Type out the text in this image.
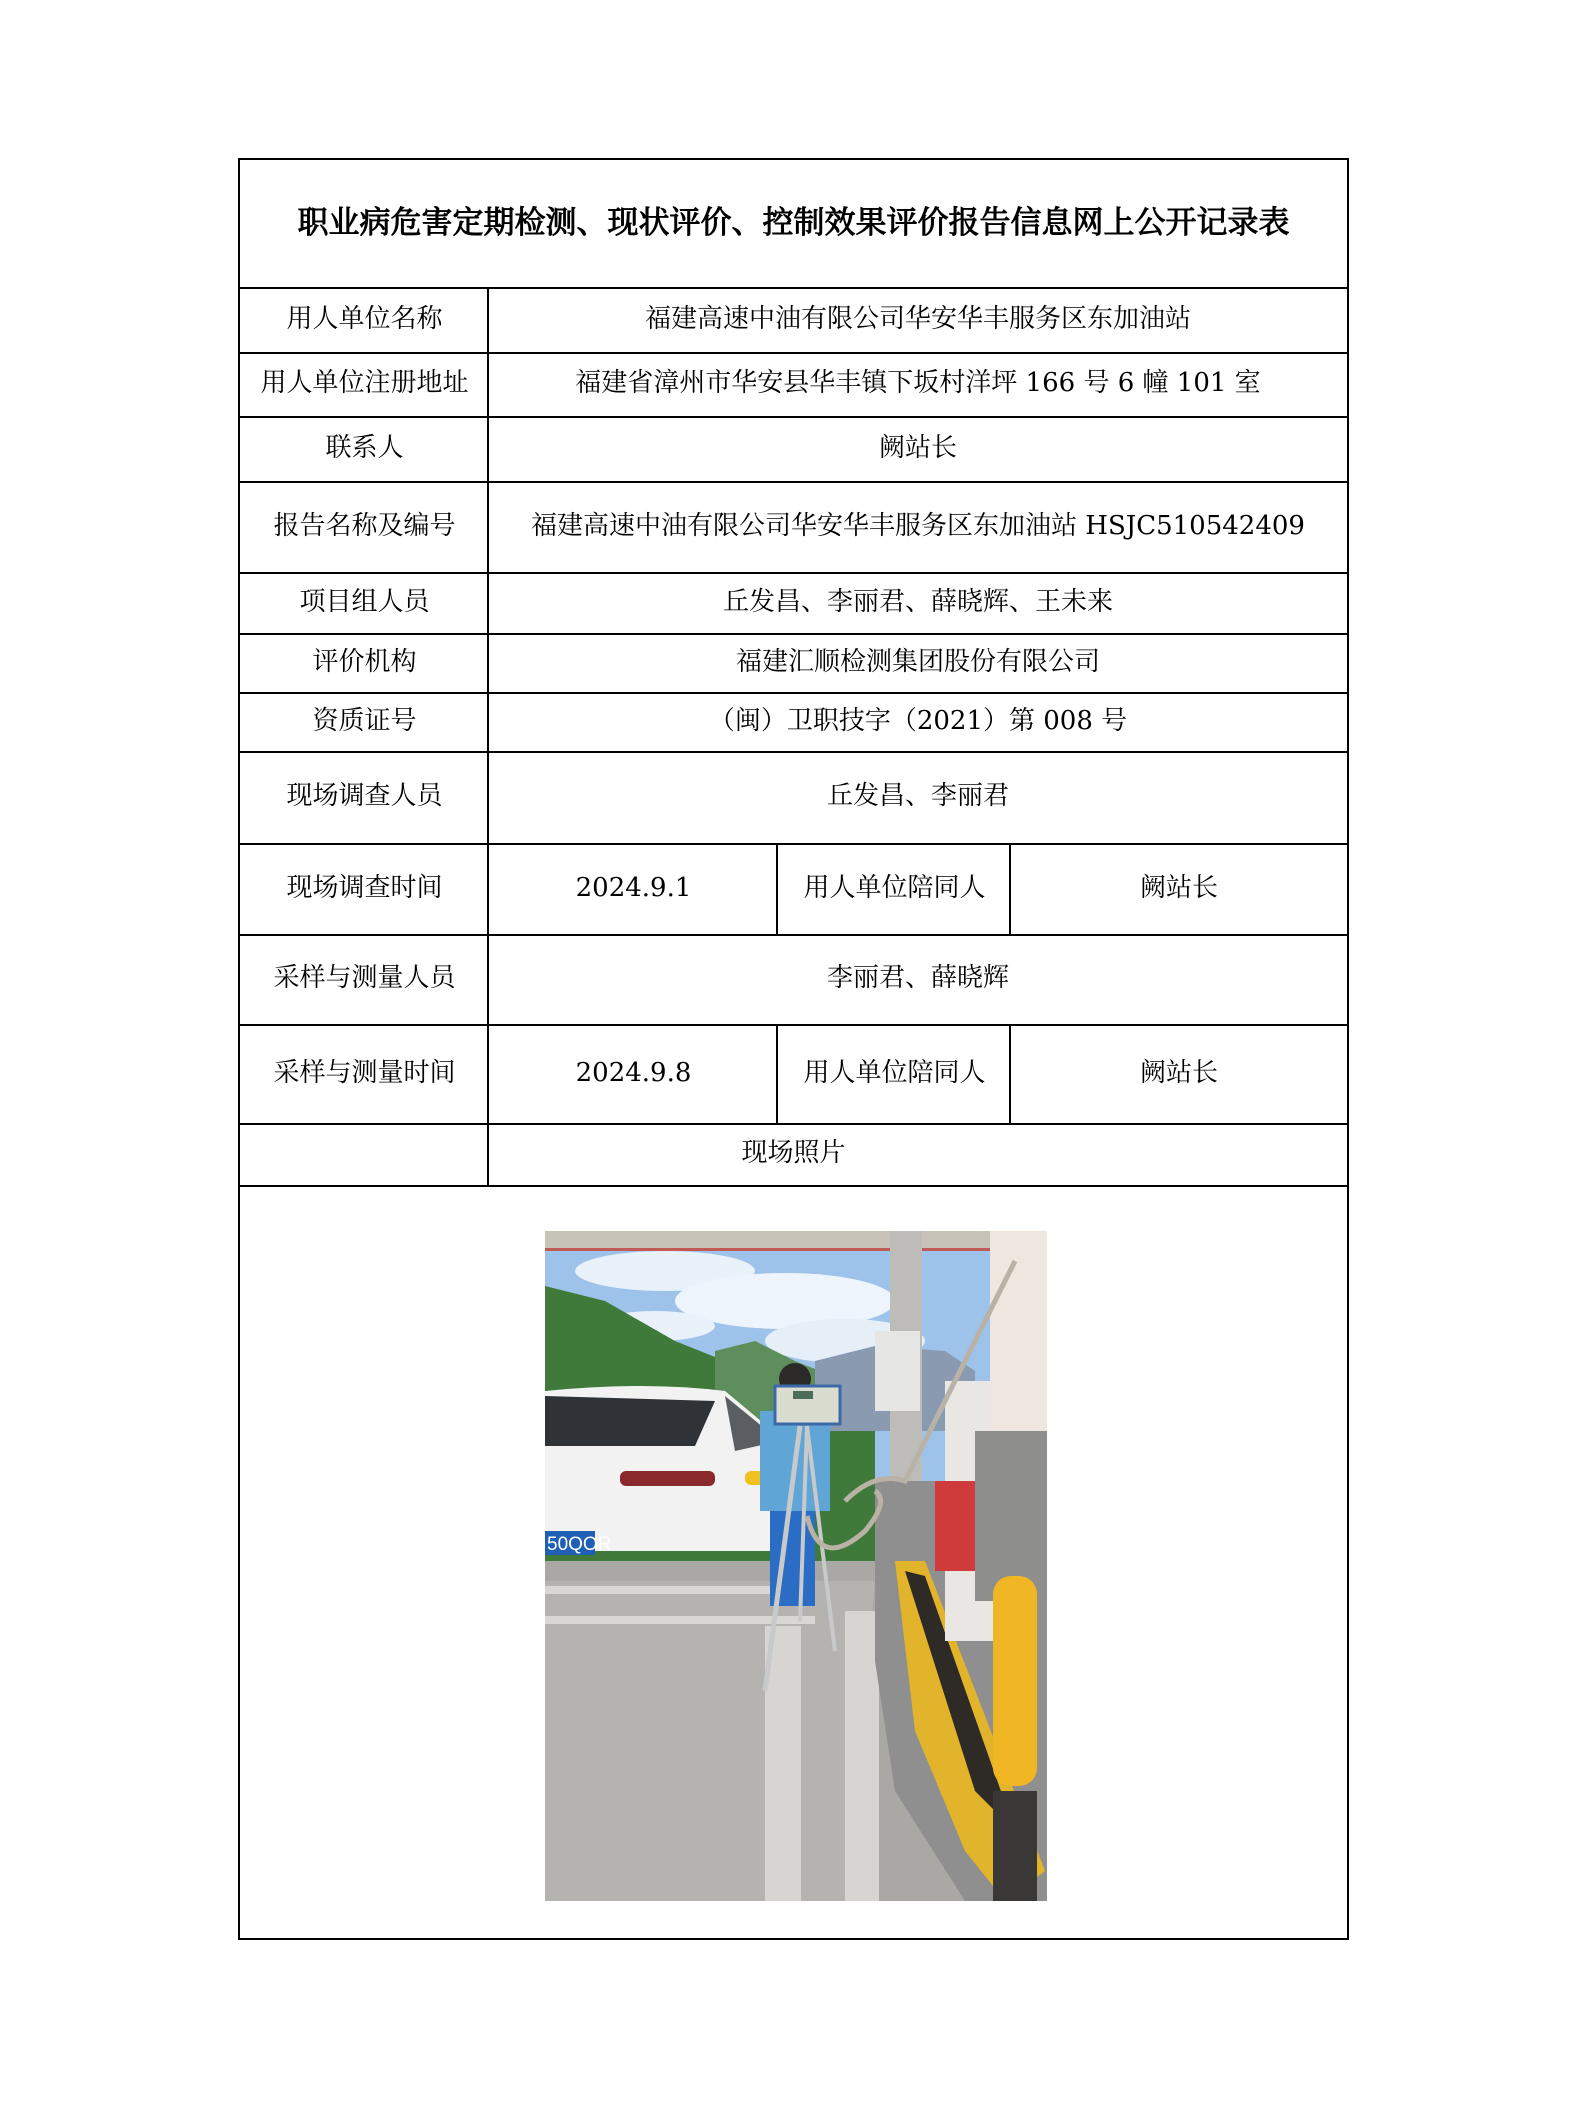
职业病危害定期检测、现状评价、控制效果评价报告信息网上公开记录表
用人单位名称	福建高速中油有限公司华安华丰服务区东加油站
用人单位注册地址	福建省漳州市华安县华丰镇下坂村洋坪 166 号 6 幢 101 室
联系人	阙站长
报告名称及编号	福建高速中油有限公司华安华丰服务区东加油站 HSJC510542409
项目组人员	丘发昌、李丽君、薛晓辉、王未来
评价机构	福建汇顺检测集团股份有限公司
资质证号	（闽）卫职技字（2021）第 008 号
现场调查人员	丘发昌、李丽君
现场调查时间	2024.9.1	用人单位陪同人	阙站长
采样与测量人员	李丽君、薛晓辉
采样与测量时间	2024.9.8	用人单位陪同人	阙站长
现场照片
50QOR
